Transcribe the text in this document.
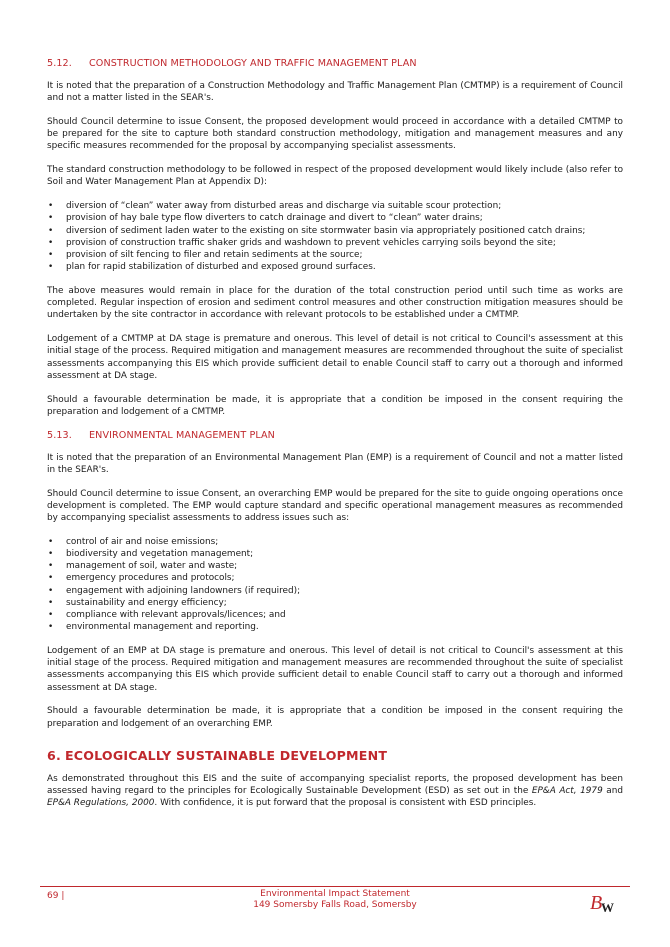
5.12. CONSTRUCTION METHODOLOGY AND TRAFFIC MANAGEMENT PLAN

It is noted that the preparation of a Construction Methodology and Traffic Management Plan (CMTMP) is a requirement of Council and not a matter listed in the SEAR's.

Should Council determine to issue Consent, the proposed development would proceed in accordance with a detailed CMTMP to be prepared for the site to capture both standard construction methodology, mitigation and management measures and any specific measures recommended for the proposal by accompanying specialist assessments.

The standard construction methodology to be followed in respect of the proposed development would likely include (also refer to Soil and Water Management Plan at Appendix D):

• diversion of “clean” water away from disturbed areas and discharge via suitable scour protection;
• provision of hay bale type flow diverters to catch drainage and divert to “clean” water drains;
• diversion of sediment laden water to the existing on site stormwater basin via appropriately positioned catch drains;
• provision of construction traffic shaker grids and washdown to prevent vehicles carrying soils beyond the site;
• provision of silt fencing to filer and retain sediments at the source;
• plan for rapid stabilization of disturbed and exposed ground surfaces.

The above measures would remain in place for the duration of the total construction period until such time as works are completed. Regular inspection of erosion and sediment control measures and other construction mitigation measures should be undertaken by the site contractor in accordance with relevant protocols to be established under a CMTMP.

Lodgement of a CMTMP at DA stage is premature and onerous. This level of detail is not critical to Council's assessment at this initial stage of the process. Required mitigation and management measures are recommended throughout the suite of specialist assessments accompanying this EIS which provide sufficient detail to enable Council staff to carry out a thorough and informed assessment at DA stage.

Should a favourable determination be made, it is appropriate that a condition be imposed in the consent requiring the preparation and lodgement of a CMTMP.

5.13. ENVIRONMENTAL MANAGEMENT PLAN

It is noted that the preparation of an Environmental Management Plan (EMP) is a requirement of Council and not a matter listed in the SEAR's.

Should Council determine to issue Consent, an overarching EMP would be prepared for the site to guide ongoing operations once development is completed. The EMP would capture standard and specific operational management measures as recommended by accompanying specialist assessments to address issues such as:

• control of air and noise emissions;
• biodiversity and vegetation management;
• management of soil, water and waste;
• emergency procedures and protocols;
• engagement with adjoining landowners (if required);
• sustainability and energy efficiency;
• compliance with relevant approvals/licences; and
• environmental management and reporting.

Lodgement of an EMP at DA stage is premature and onerous. This level of detail is not critical to Council's assessment at this initial stage of the process. Required mitigation and management measures are recommended throughout the suite of specialist assessments accompanying this EIS which provide sufficient detail to enable Council staff to carry out a thorough and informed assessment at DA stage.

Should a favourable determination be made, it is appropriate that a condition be imposed in the consent requiring the preparation and lodgement of an overarching EMP.

6. ECOLOGICALLY SUSTAINABLE DEVELOPMENT

As demonstrated throughout this EIS and the suite of accompanying specialist reports, the proposed development has been assessed having regard to the principles for Ecologically Sustainable Development (ESD) as set out in the EP&A Act, 1979 and EP&A Regulations, 2000. With confidence, it is put forward that the proposal is consistent with ESD principles.

69 |	Environmental Impact Statement
149 Somersby Falls Road, Somersby	B
W
